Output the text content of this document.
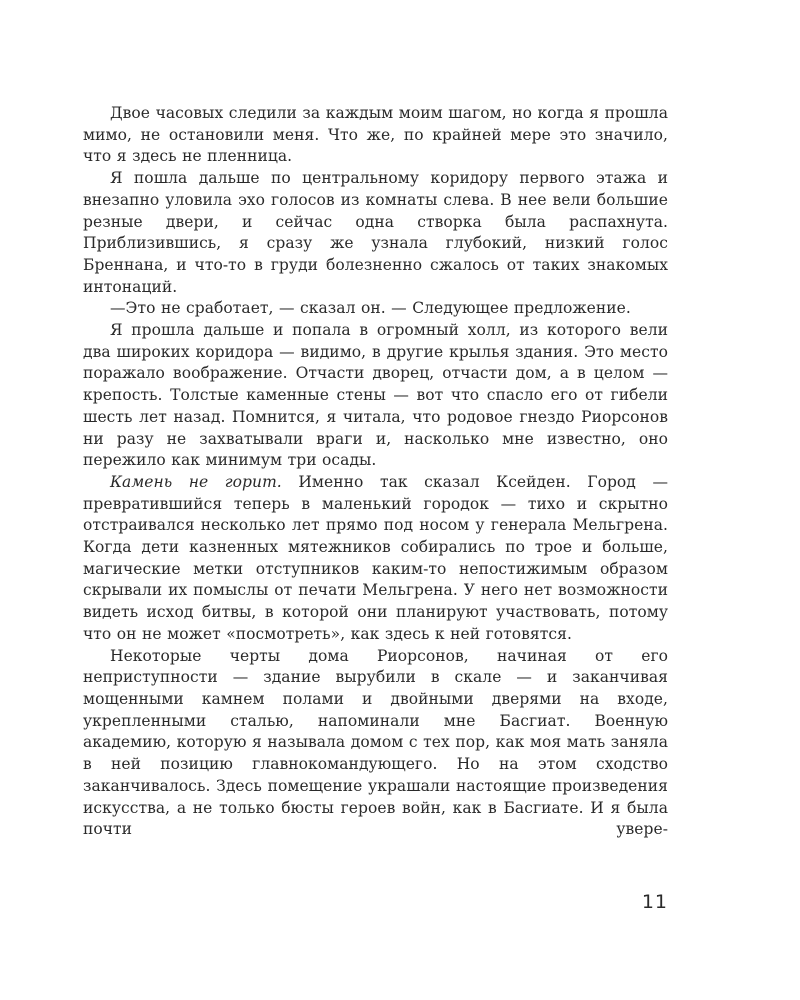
Двое часовых следили за каждым моим шагом, но когда я прошла мимо, не остановили меня. Что же, по крайней мере это значило, что я здесь не пленница.

Я пошла дальше по центральному коридору первого этажа и внезапно уловила эхо голосов из комнаты слева. В нее вели большие резные двери, и сейчас одна створка была распахнута. Приблизившись, я сразу же узнала глубокий, низкий голос Бреннана, и что-то в груди болезненно сжалось от таких знакомых интонаций.

—Это не сработает, — сказал он. — Следующее предложение.

Я прошла дальше и попала в огромный холл, из которого вели два широких коридора — видимо, в другие крылья здания. Это место поражало воображение. Отчасти дворец, отчасти дом, а в целом — крепость. Толстые каменные стены — вот что спасло его от гибели шесть лет назад. Помнится, я читала, что родовое гнездо Риорсонов ни разу не захватывали враги и, насколько мне известно, оно пережило как минимум три осады.

Камень не горит. Именно так сказал Ксейден. Город — превратившийся теперь в маленький городок — тихо и скрытно отстраивался несколько лет прямо под носом у генерала Мельгрена. Когда дети казненных мятежников собирались по трое и больше, магические метки отступников каким-то непостижимым образом скрывали их помыслы от печати Мельгрена. У него нет возможности видеть исход битвы, в которой они планируют участвовать, потому что он не может «посмотреть», как здесь к ней готовятся.

Некоторые черты дома Риорсонов, начиная от его неприступности — здание вырубили в скале — и заканчивая мощенными камнем полами и двойными дверями на входе, укрепленными сталью, напоминали мне Басгиат. Военную академию, которую я называла домом с тех пор, как моя мать заняла в ней позицию главнокомандующего. Но на этом сходство заканчивалось. Здесь помещение украшали настоящие произведения искусства, а не только бюсты героев войн, как в Басгиате. И я была почти увере-

11
